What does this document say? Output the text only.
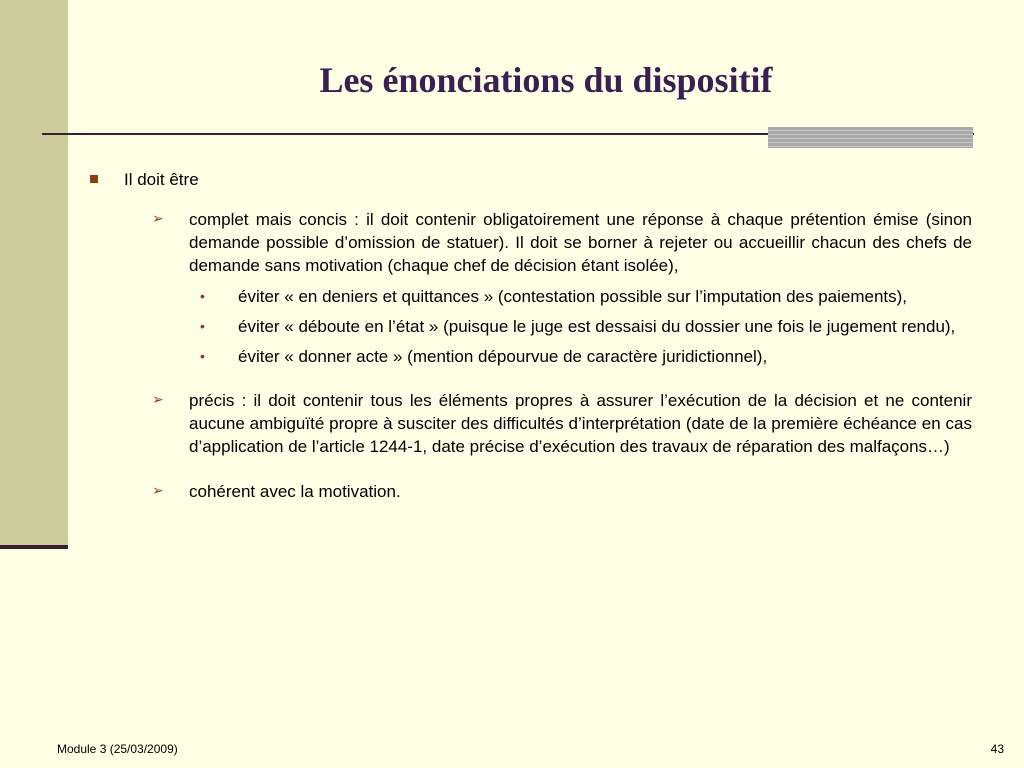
Les énonciations du dispositif
Il doit être
➢	complet mais concis : il doit contenir obligatoirement une réponse à chaque prétention émise (sinon demande possible d’omission de statuer). Il doit se borner à rejeter ou accueillir chacun des chefs de demande sans motivation (chaque chef de décision étant isolée),
•	éviter « en deniers et quittances » (contestation possible sur l’imputation des paiements),
•	éviter « déboute en l’état » (puisque le juge est dessaisi du dossier une fois le jugement rendu),
•	éviter « donner acte » (mention dépourvue de caractère juridictionnel),
➢	précis : il doit contenir tous les éléments propres à assurer l’exécution de la décision et ne contenir aucune ambiguïté propre à susciter des difficultés d’interprétation (date de la première échéance en cas d’application de l’article 1244-1, date précise d’exécution des travaux de réparation des malfaçons…)
➢	cohérent avec la motivation.
Module 3 (25/03/2009)	43
